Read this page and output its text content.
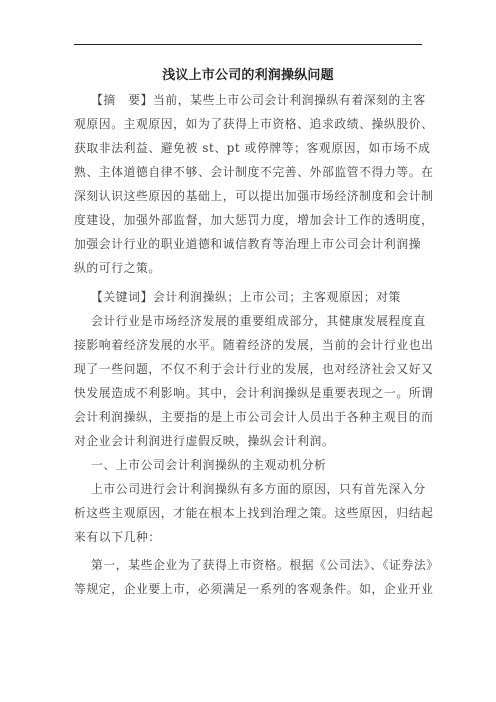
浅议上市公司的利润操纵问题
【摘　要】当前，某些上市公司会计利润操纵有着深刻的主客
观原因。主观原因，如为了获得上市资格、追求政绩、操纵股价、
获取非法利益、避免被 st、pt 或停牌等；客观原因，如市场不成
熟、主体道德自律不够、会计制度不完善、外部监管不得力等。在
深刻认识这些原因的基础上，可以提出加强市场经济制度和会计制
度建设，加强外部监督，加大惩罚力度，增加会计工作的透明度，
加强会计行业的职业道德和诚信教育等治理上市公司会计利润操
纵的可行之策。
【关键词】会计利润操纵；上市公司；主客观原因；对策
会计行业是市场经济发展的重要组成部分，其健康发展程度直
接影响着经济发展的水平。随着经济的发展，当前的会计行业也出
现了一些问题，不仅不利于会计行业的发展，也对经济社会又好又
快发展造成不利影响。其中，会计利润操纵是重要表现之一。所谓
会计利润操纵，主要指的是上市公司会计人员出于各种主观目的而
对企业会计利润进行虚假反映，操纵会计利润。
一、上市公司会计利润操纵的主观动机分析
上市公司进行会计利润操纵有多方面的原因，只有首先深入分
析这些主观原因，才能在根本上找到治理之策。这些原因，归结起
来有以下几种：
第一，某些企业为了获得上市资格。根据《公司法》、《证券法》
等规定，企业要上市，必须满足一系列的客观条件。如，企业开业
